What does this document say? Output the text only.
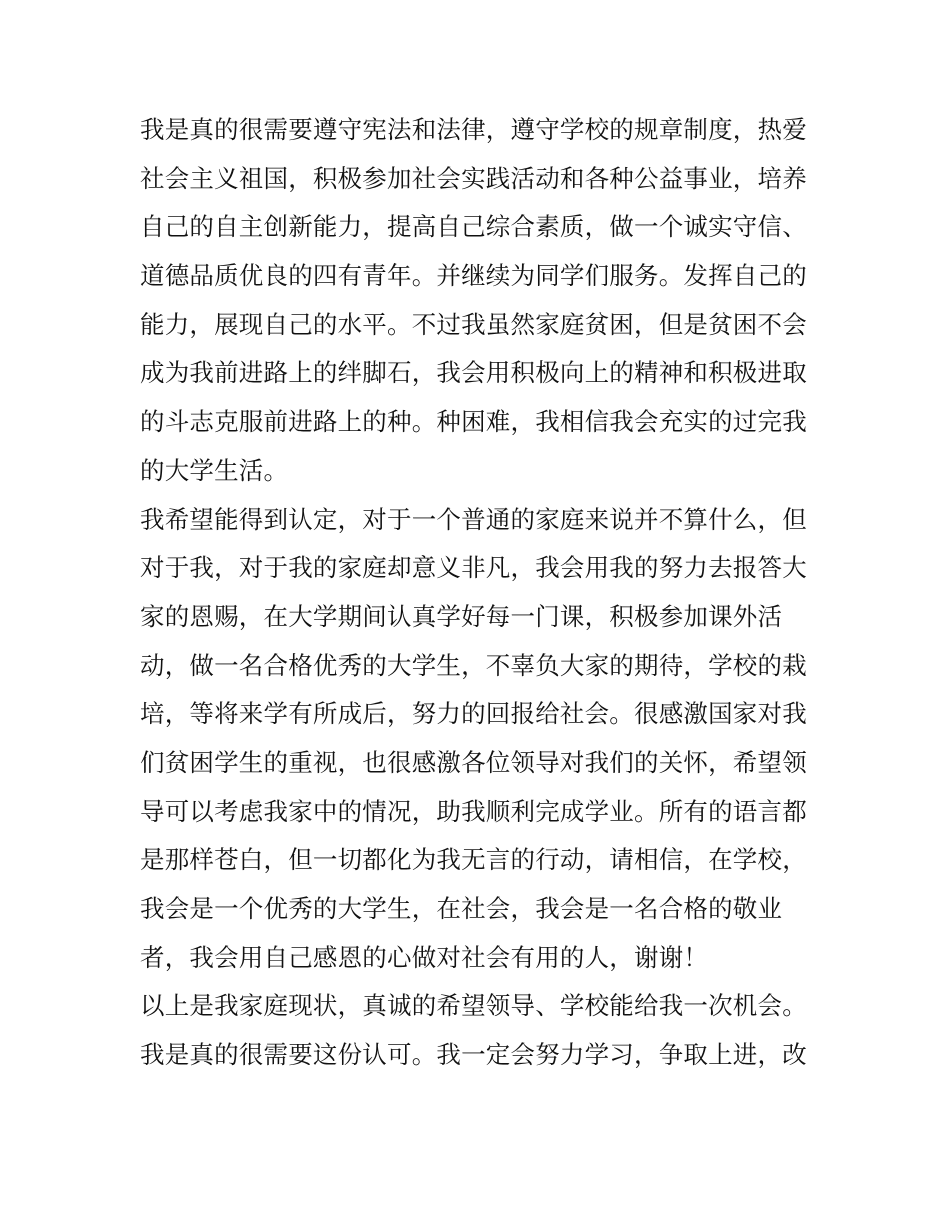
我是真的很需要遵守宪法和法律，遵守学校的规章制度，热爱
社会主义祖国，积极参加社会实践活动和各种公益事业，培养
自己的自主创新能力，提高自己综合素质，做一个诚实守信、
道德品质优良的四有青年。并继续为同学们服务。发挥自己的
能力，展现自己的水平。不过我虽然家庭贫困，但是贫困不会
成为我前进路上的绊脚石，我会用积极向上的精神和积极进取
的斗志克服前进路上的种。种困难，我相信我会充实的过完我
的大学生活。
我希望能得到认定，对于一个普通的家庭来说并不算什么，但
对于我，对于我的家庭却意义非凡，我会用我的努力去报答大
家的恩赐，在大学期间认真学好每一门课，积极参加课外活
动，做一名合格优秀的大学生，不辜负大家的期待，学校的栽
培，等将来学有所成后，努力的回报给社会。很感激国家对我
们贫困学生的重视，也很感激各位领导对我们的关怀，希望领
导可以考虑我家中的情况，助我顺利完成学业。所有的语言都
是那样苍白，但一切都化为我无言的行动，请相信，在学校，
我会是一个优秀的大学生，在社会，我会是一名合格的敬业
者，我会用自己感恩的心做对社会有用的人，谢谢！
以上是我家庭现状，真诚的希望领导、学校能给我一次机会。
我是真的很需要这份认可。我一定会努力学习，争取上进，改
